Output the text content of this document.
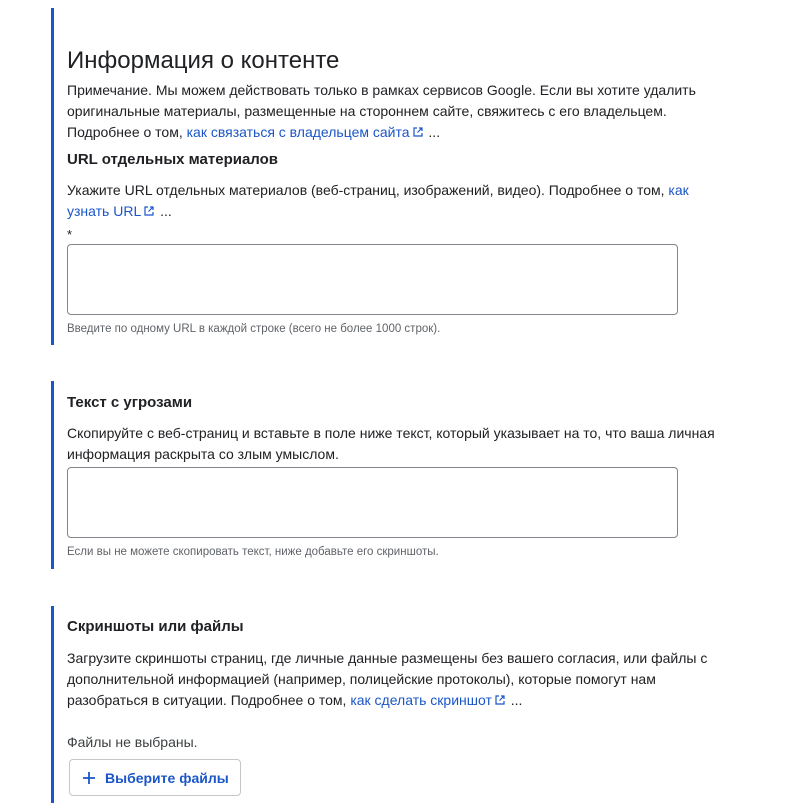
Информация о контенте

Примечание. Мы можем действовать только в рамках сервисов Google. Если вы хотите удалить оригинальные материалы, размещенные на стороннем сайте, свяжитесь с его владельцем. Подробнее о том, как связаться с владельцем сайта ...

URL отдельных материалов

Укажите URL отдельных материалов (веб-страниц, изображений, видео). Подробнее о том, как узнать URL ...

*

Введите по одному URL в каждой строке (всего не более 1000 строк).

Текст с угрозами

Скопируйте с веб-страниц и вставьте в поле ниже текст, который указывает на то, что ваша личная информация раскрыта со злым умыслом.

Если вы не можете скопировать текст, ниже добавьте его скриншоты.

Скриншоты или файлы

Загрузите скриншоты страниц, где личные данные размещены без вашего согласия, или файлы с дополнительной информацией (например, полицейские протоколы), которые помогут нам разобраться в ситуации. Подробнее о том, как сделать скриншот ...

Файлы не выбраны.

Выберите файлы
